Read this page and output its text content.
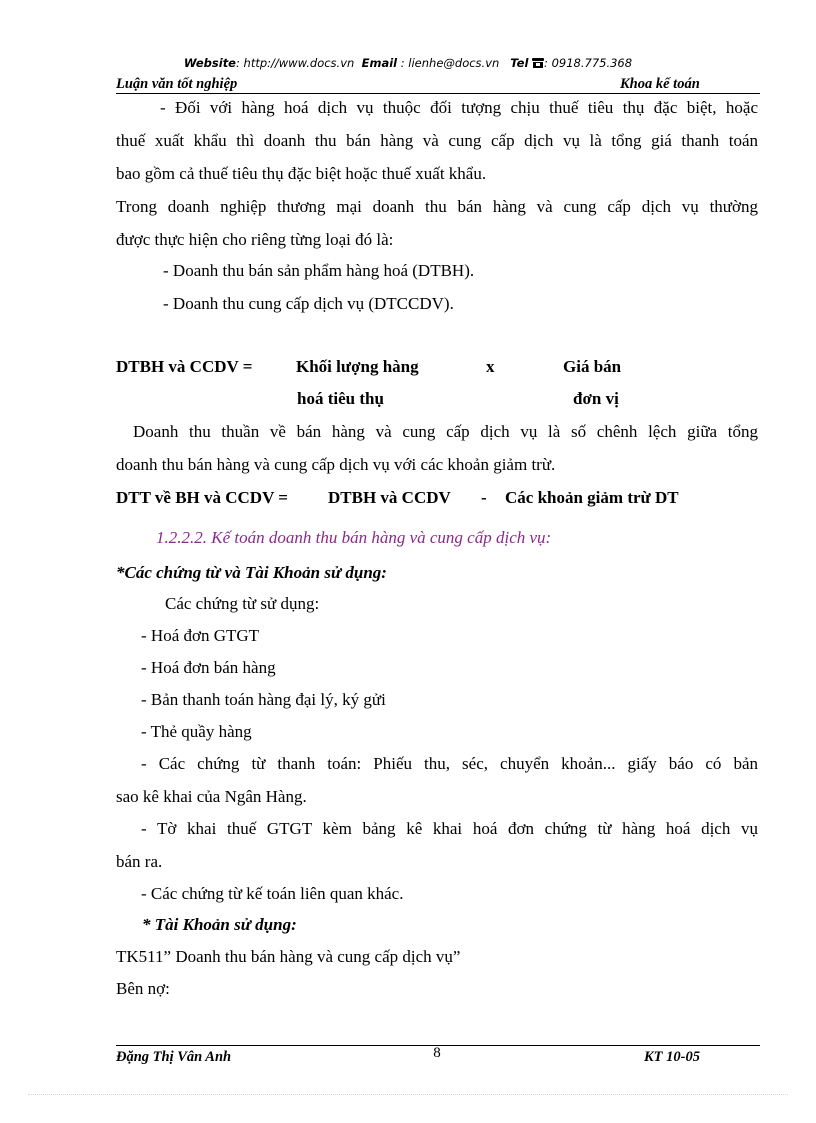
Website: http://www.docs.vn Email : lienhe@docs.vn Tel : 0918.775.368
Luận văn tốt nghiệp	Khoa kế toán
- Đối với hàng hoá dịch vụ thuộc đối tượng chịu thuế tiêu thụ đặc biệt, hoặc
thuế xuất khẩu thì doanh thu bán hàng và cung cấp dịch vụ là tổng giá thanh toán
bao gồm cả thuế tiêu thụ đặc biệt hoặc thuế xuất khẩu.
Trong doanh nghiệp thương mại doanh thu bán hàng và cung cấp dịch vụ thường
được thực hiện cho riêng từng loại đó là:
- Doanh thu bán sản phẩm hàng hoá (DTBH).
- Doanh thu cung cấp dịch vụ (DTCCDV).
DTBH và CCDV =	Khối lượng hàng
hoá tiêu thụ
x	Giá bán
đơn vị
Doanh thu thuần về bán hàng và cung cấp dịch vụ là số chênh lệch giữa tổng
doanh thu bán hàng và cung cấp dịch vụ với các khoản giảm trừ.
DTT về BH và CCDV = DTBH và CCDV - Các khoản giảm trừ DT
1.2.2.2. Kế toán doanh thu bán hàng và cung cấp dịch vụ:
*Các chứng từ và Tài Khoản sử dụng:
Các chứng từ sử dụng:
- Hoá đơn GTGT
- Hoá đơn bán hàng
- Bản thanh toán hàng đại lý, ký gửi
- Thẻ quầy hàng
- Các chứng từ thanh toán: Phiếu thu, séc, chuyển khoản... giấy báo có bản
sao kê khai của Ngân Hàng.
- Tờ khai thuế GTGT kèm bảng kê khai hoá đơn chứng từ hàng hoá dịch vụ
bán ra.
- Các chứng từ kế toán liên quan khác.
* Tài Khoản sử dụng:
TK511” Doanh thu bán hàng và cung cấp dịch vụ”
Bên nợ:
8
Đặng Thị Vân Anh	KT 10-05
